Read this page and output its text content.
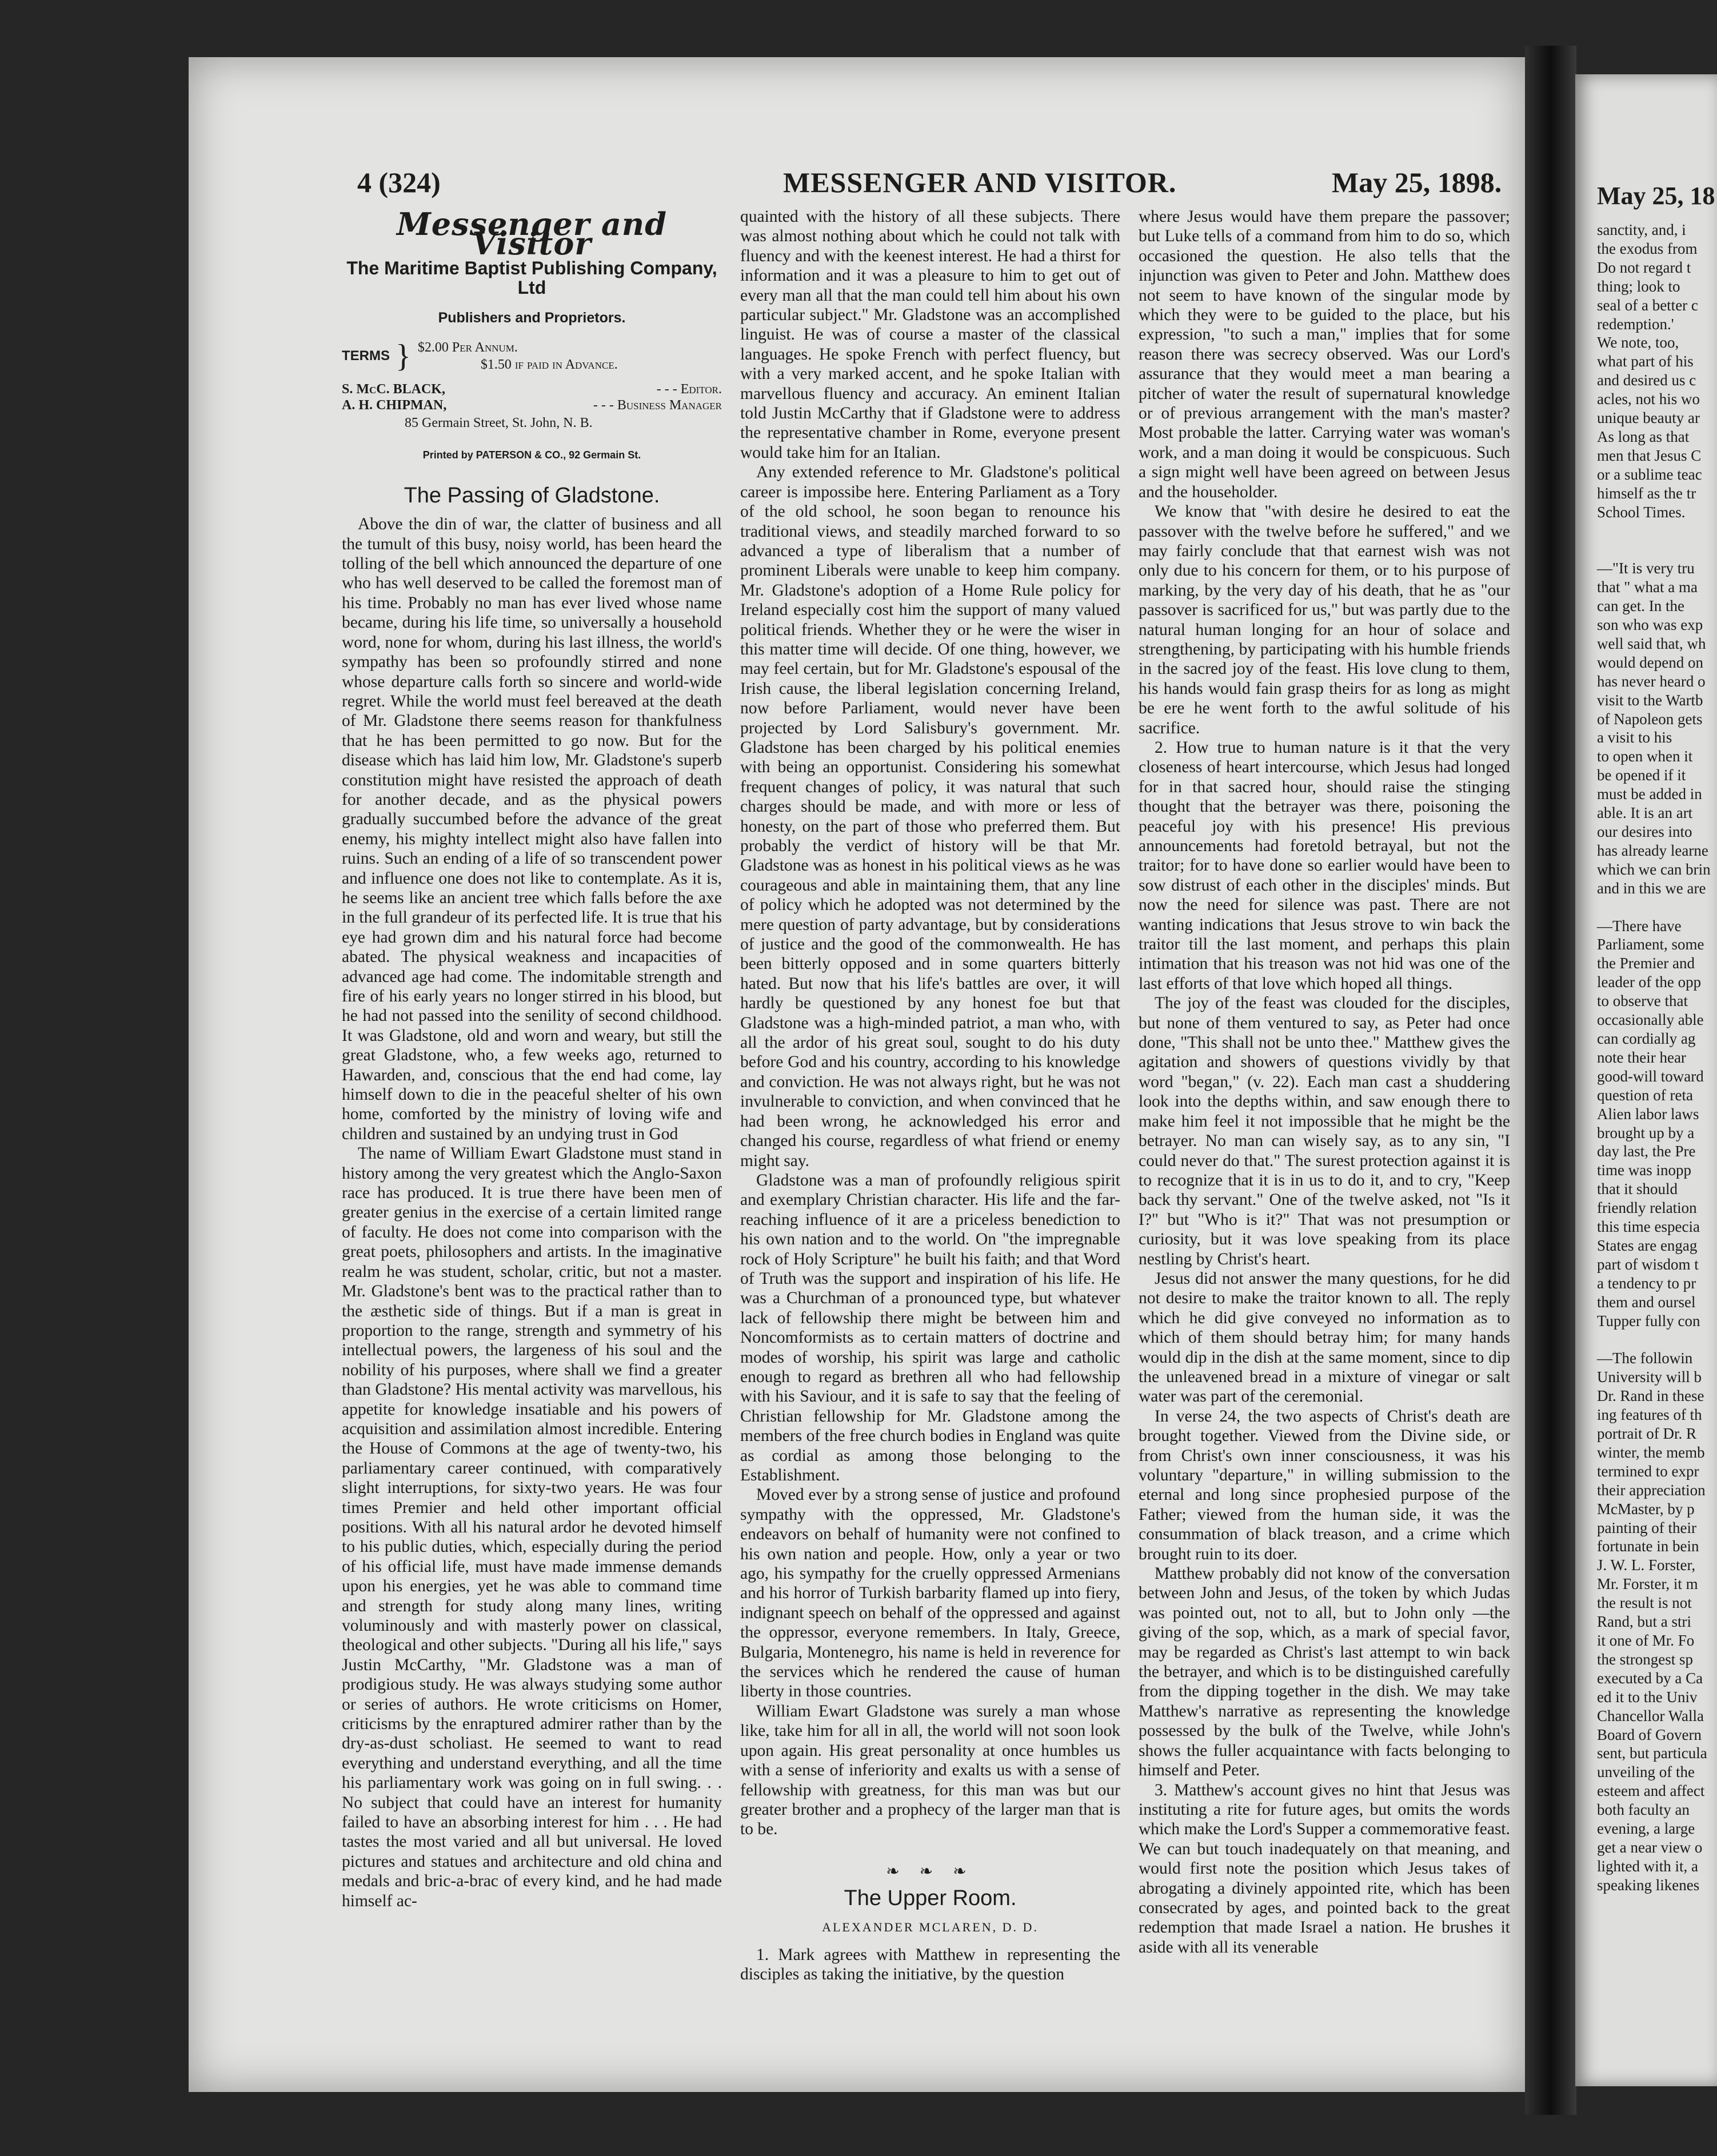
4 (324)	MESSENGER AND VISITOR.	May 25, 1898.
Messenger and Visitor
The Maritime Baptist Publishing Company, Ltd
Publishers and Proprietors.
TERMS } $2.00 Per Annum.
$1.50 if paid in Advance.
S. McC. BLACK,	- - - Editor.
A. H. CHIPMAN,	- - - Business Manager
85 Germain Street, St. John, N. B.
Printed by PATERSON & CO., 92 Germain St.
The Passing of Gladstone.

Above the din of war, the clatter of business and all the tumult of this busy, noisy world, has been heard the tolling of the bell which announced the departure of one who has well deserved to be called the foremost man of his time. Probably no man has ever lived whose name became, during his life time, so universally a household word, none for whom, during his last illness, the world's sympathy has been so profoundly stirred and none whose departure calls forth so sincere and world-wide regret. While the world must feel bereaved at the death of Mr. Gladstone there seems reason for thankfulness that he has been permitted to go now. But for the disease which has laid him low, Mr. Gladstone's superb constitution might have resisted the approach of death for another decade, and as the physical powers gradually succumbed before the advance of the great enemy, his mighty intellect might also have fallen into ruins. Such an ending of a life of so transcendent power and influence one does not like to contemplate. As it is, he seems like an ancient tree which falls before the axe in the full grandeur of its perfected life. It is true that his eye had grown dim and his natural force had become abated. The physical weakness and incapacities of advanced age had come. The indomitable strength and fire of his early years no longer stirred in his blood, but he had not passed into the senility of second childhood. It was Gladstone, old and worn and weary, but still the great Gladstone, who, a few weeks ago, returned to Hawarden, and, conscious that the end had come, lay himself down to die in the peaceful shelter of his own home, comforted by the ministry of loving wife and children and sustained by an undying trust in God

The name of William Ewart Gladstone must stand in history among the very greatest which the Anglo-Saxon race has produced. It is true there have been men of greater genius in the exercise of a certain limited range of faculty. He does not come into comparison with the great poets, philosophers and artists. In the imaginative realm he was student, scholar, critic, but not a master. Mr. Gladstone's bent was to the practical rather than to the æsthetic side of things. But if a man is great in proportion to the range, strength and symmetry of his intellectual powers, the largeness of his soul and the nobility of his purposes, where shall we find a greater than Gladstone? His mental activity was marvellous, his appetite for knowledge insatiable and his powers of acquisition and assimilation almost incredible. Entering the House of Commons at the age of twenty-two, his parliamentary career continued, with comparatively slight interruptions, for sixty-two years. He was four times Premier and held other important official positions. With all his natural ardor he devoted himself to his public duties, which, especially during the period of his official life, must have made immense demands upon his energies, yet he was able to command time and strength for study along many lines, writing voluminously and with masterly power on classical, theological and other subjects. "During all his life," says Justin McCarthy, "Mr. Gladstone was a man of prodigious study. He was always studying some author or series of authors. He wrote criticisms on Homer, criticisms by the enraptured admirer rather than by the dry-as-dust scholiast. He seemed to want to read everything and understand everything, and all the time his parliamentary work was going on in full swing. . . No subject that could have an interest for humanity failed to have an absorbing interest for him . . . He had tastes the most varied and all but universal. He loved pictures and statues and architecture and old china and medals and bric-a-brac of every kind, and he had made himself ac-

quainted with the history of all these subjects. There was almost nothing about which he could not talk with fluency and with the keenest interest. He had a thirst for information and it was a pleasure to him to get out of every man all that the man could tell him about his own particular subject." Mr. Gladstone was an accomplished linguist. He was of course a master of the classical languages. He spoke French with perfect fluency, but with a very marked accent, and he spoke Italian with marvellous fluency and accuracy. An eminent Italian told Justin McCarthy that if Gladstone were to address the representative chamber in Rome, everyone present would take him for an Italian.

Any extended reference to Mr. Gladstone's political career is impossibe here. Entering Parliament as a Tory of the old school, he soon began to renounce his traditional views, and steadily marched forward to so advanced a type of liberalism that a number of prominent Liberals were unable to keep him company. Mr. Gladstone's adoption of a Home Rule policy for Ireland especially cost him the support of many valued political friends. Whether they or he were the wiser in this matter time will decide. Of one thing, however, we may feel certain, but for Mr. Gladstone's espousal of the Irish cause, the liberal legislation concerning Ireland, now before Parliament, would never have been projected by Lord Salisbury's government. Mr. Gladstone has been charged by his political enemies with being an opportunist. Considering his somewhat frequent changes of policy, it was natural that such charges should be made, and with more or less of honesty, on the part of those who preferred them. But probably the verdict of history will be that Mr. Gladstone was as honest in his political views as he was courageous and able in maintaining them, that any line of policy which he adopted was not determined by the mere question of party advantage, but by considerations of justice and the good of the commonwealth. He has been bitterly opposed and in some quarters bitterly hated. But now that his life's battles are over, it will hardly be questioned by any honest foe but that Gladstone was a high-minded patriot, a man who, with all the ardor of his great soul, sought to do his duty before God and his country, according to his knowledge and conviction. He was not always right, but he was not invulnerable to conviction, and when convinced that he had been wrong, he acknowledged his error and changed his course, regardless of what friend or enemy might say.

Gladstone was a man of profoundly religious spirit and exemplary Christian character. His life and the far-reaching influence of it are a priceless benediction to his own nation and to the world. On "the impregnable rock of Holy Scripture" he built his faith; and that Word of Truth was the support and inspiration of his life. He was a Churchman of a pronounced type, but whatever lack of fellowship there might be between him and Noncomformists as to certain matters of doctrine and modes of worship, his spirit was large and catholic enough to regard as brethren all who had fellowship with his Saviour, and it is safe to say that the feeling of Christian fellowship for Mr. Gladstone among the members of the free church bodies in England was quite as cordial as among those belonging to the Establishment.

Moved ever by a strong sense of justice and profound sympathy with the oppressed, Mr. Gladstone's endeavors on behalf of humanity were not confined to his own nation and people. How, only a year or two ago, his sympathy for the cruelly oppressed Armenians and his horror of Turkish barbarity flamed up into fiery, indignant speech on behalf of the oppressed and against the oppressor, everyone remembers. In Italy, Greece, Bulgaria, Montenegro, his name is held in reverence for the services which he rendered the cause of human liberty in those countries.

William Ewart Gladstone was surely a man whose like, take him for all in all, the world will not soon look upon again. His great personality at once humbles us with a sense of inferiority and exalts us with a sense of fellowship with greatness, for this man was but our greater brother and a prophecy of the larger man that is to be.

❧ ❧ ❧
The Upper Room.
ALEXANDER MCLAREN, D. D.

1. Mark agrees with Matthew in representing the disciples as taking the initiative, by the question

where Jesus would have them prepare the passover; but Luke tells of a command from him to do so, which occasioned the question. He also tells that the injunction was given to Peter and John. Matthew does not seem to have known of the singular mode by which they were to be guided to the place, but his expression, "to such a man," implies that for some reason there was secrecy observed. Was our Lord's assurance that they would meet a man bearing a pitcher of water the result of supernatural knowledge or of previous arrangement with the man's master? Most probable the latter. Carrying water was woman's work, and a man doing it would be conspicuous. Such a sign might well have been agreed on between Jesus and the householder.

We know that "with desire he desired to eat the passover with the twelve before he suffered," and we may fairly conclude that that earnest wish was not only due to his concern for them, or to his purpose of marking, by the very day of his death, that he as "our passover is sacrificed for us," but was partly due to the natural human longing for an hour of solace and strengthening, by participating with his humble friends in the sacred joy of the feast. His love clung to them, his hands would fain grasp theirs for as long as might be ere he went forth to the awful solitude of his sacrifice.

2. How true to human nature is it that the very closeness of heart intercourse, which Jesus had longed for in that sacred hour, should raise the stinging thought that the betrayer was there, poisoning the peaceful joy with his presence! His previous announcements had foretold betrayal, but not the traitor; for to have done so earlier would have been to sow distrust of each other in the disciples' minds. But now the need for silence was past. There are not wanting indications that Jesus strove to win back the traitor till the last moment, and perhaps this plain intimation that his treason was not hid was one of the last efforts of that love which hoped all things.

The joy of the feast was clouded for the disciples, but none of them ventured to say, as Peter had once done, "This shall not be unto thee." Matthew gives the agitation and showers of questions vividly by that word "began," (v. 22). Each man cast a shuddering look into the depths within, and saw enough there to make him feel it not impossible that he might be the betrayer. No man can wisely say, as to any sin, "I could never do that." The surest protection against it is to recognize that it is in us to do it, and to cry, "Keep back thy servant." One of the twelve asked, not "Is it I?" but "Who is it?" That was not presumption or curiosity, but it was love speaking from its place nestling by Christ's heart.

Jesus did not answer the many questions, for he did not desire to make the traitor known to all. The reply which he did give conveyed no information as to which of them should betray him; for many hands would dip in the dish at the same moment, since to dip the unleavened bread in a mixture of vinegar or salt water was part of the ceremonial.

In verse 24, the two aspects of Christ's death are brought together. Viewed from the Divine side, or from Christ's own inner consciousness, it was his voluntary "departure," in willing submission to the eternal and long since prophesied purpose of the Father; viewed from the human side, it was the consummation of black treason, and a crime which brought ruin to its doer.

Matthew probably did not know of the conversation between John and Jesus, of the token by which Judas was pointed out, not to all, but to John only —the giving of the sop, which, as a mark of special favor, may be regarded as Christ's last attempt to win back the betrayer, and which is to be distinguished carefully from the dipping together in the dish. We may take Matthew's narrative as representing the knowledge possessed by the bulk of the Twelve, while John's shows the fuller acquaintance with facts belonging to himself and Peter.

3. Matthew's account gives no hint that Jesus was instituting a rite for future ages, but omits the words which make the Lord's Supper a commemorative feast. We can but touch inadequately on that meaning, and would first note the position which Jesus takes of abrogating a divinely appointed rite, which has been consecrated by ages, and pointed back to the great redemption that made Israel a nation. He brushes it aside with all its venerable

May 25, 18
sanctity, and, i
the exodus from
Do not regard t
thing; look to
seal of a better c
redemption.'
We note, too,
what part of his
and desired us c
acles, not his wo
unique beauty ar
As long as that
men that Jesus C
or a sublime teac
himself as the tr
School Times.

—"It is very tru
that " what a ma
can get. In the
son who was exp
well said that, wh
would depend on
has never heard o
visit to the Wartb
of Napoleon gets
a visit to his
to open when it
be opened if it
must be added in
able. It is an art
our desires into
has already learne
which we can brin
and in this we are

—There have
Parliament, some
the Premier and
leader of the opp
to observe that
occasionally able
can cordially ag
note their hear
good-will toward
question of reta
Alien labor laws
brought up by a
day last, the Pre
time was inopp
that it should
friendly relation
this time especia
States are engag
part of wisdom t
a tendency to pr
them and oursel
Tupper fully con

—The followin
University will b
Dr. Rand in these
ing features of th
portrait of Dr. R
winter, the memb
termined to expr
their appreciation
McMaster, by p
painting of their
fortunate in bein
J. W. L. Forster,
Mr. Forster, it m
the result is not
Rand, but a stri
it one of Mr. Fo
the strongest sp
executed by a Ca
ed it to the Univ
Chancellor Walla
Board of Govern
sent, but particula
unveiling of the
esteem and affect
both faculty an
evening, a large
get a near view o
lighted with it, a
speaking likenes
